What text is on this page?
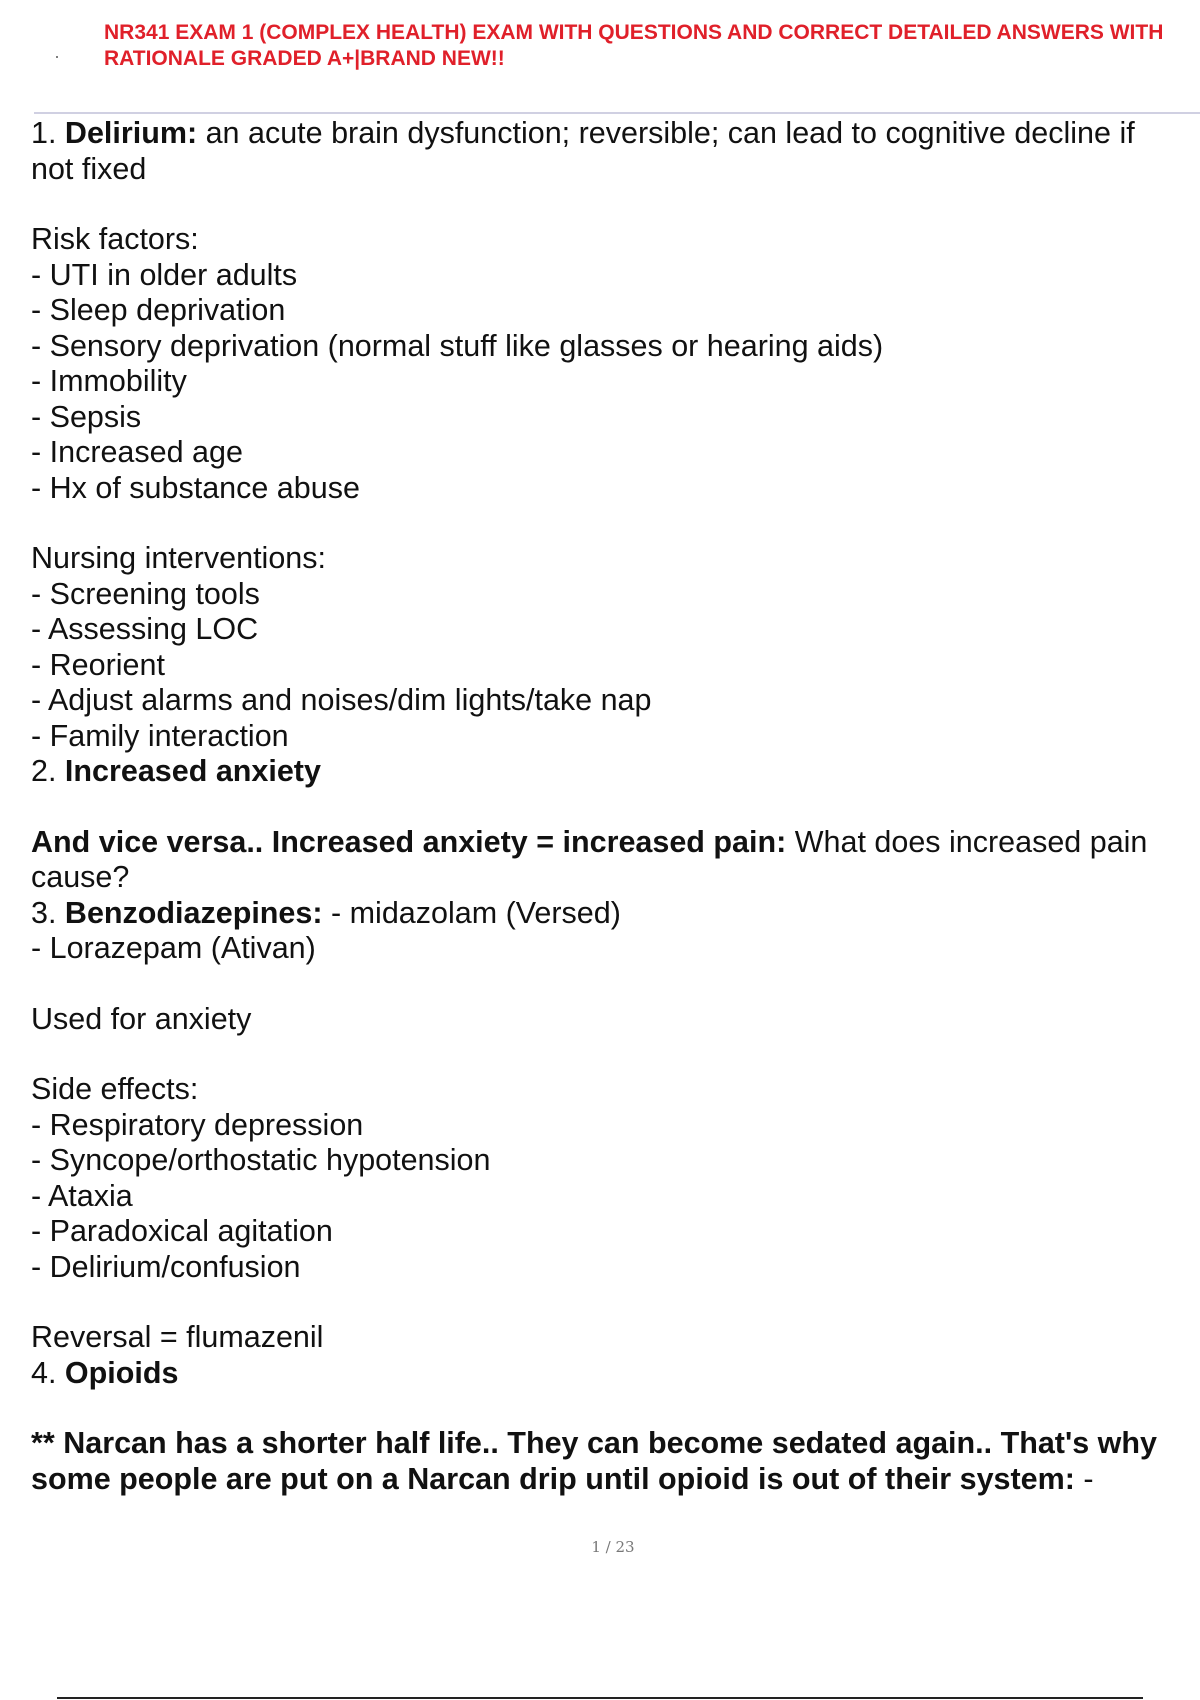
NR341 EXAM 1 (COMPLEX HEALTH) EXAM WITH QUESTIONS AND CORRECT DETAILED ANSWERS WITH
RATIONALE GRADED A+|BRAND NEW!!
1. Delirium: an acute brain dysfunction; reversible; can lead to cognitive decline if
not fixed
Risk factors:
- UTI in older adults
- Sleep deprivation
- Sensory deprivation (normal stuff like glasses or hearing aids)
- Immobility
- Sepsis
- Increased age
- Hx of substance abuse
Nursing interventions:
- Screening tools
- Assessing LOC
- Reorient
- Adjust alarms and noises/dim lights/take nap
- Family interaction
2. Increased anxiety
And vice versa.. Increased anxiety = increased pain: What does increased pain
cause?
3. Benzodiazepines: - midazolam (Versed)
- Lorazepam (Ativan)
Used for anxiety
Side effects:
- Respiratory depression
- Syncope/orthostatic hypotension
- Ataxia
- Paradoxical agitation
- Delirium/confusion
Reversal = flumazenil
4. Opioids
** Narcan has a shorter half life.. They can become sedated again.. That's why
some people are put on a Narcan drip until opioid is out of their system: -
1 / 23
